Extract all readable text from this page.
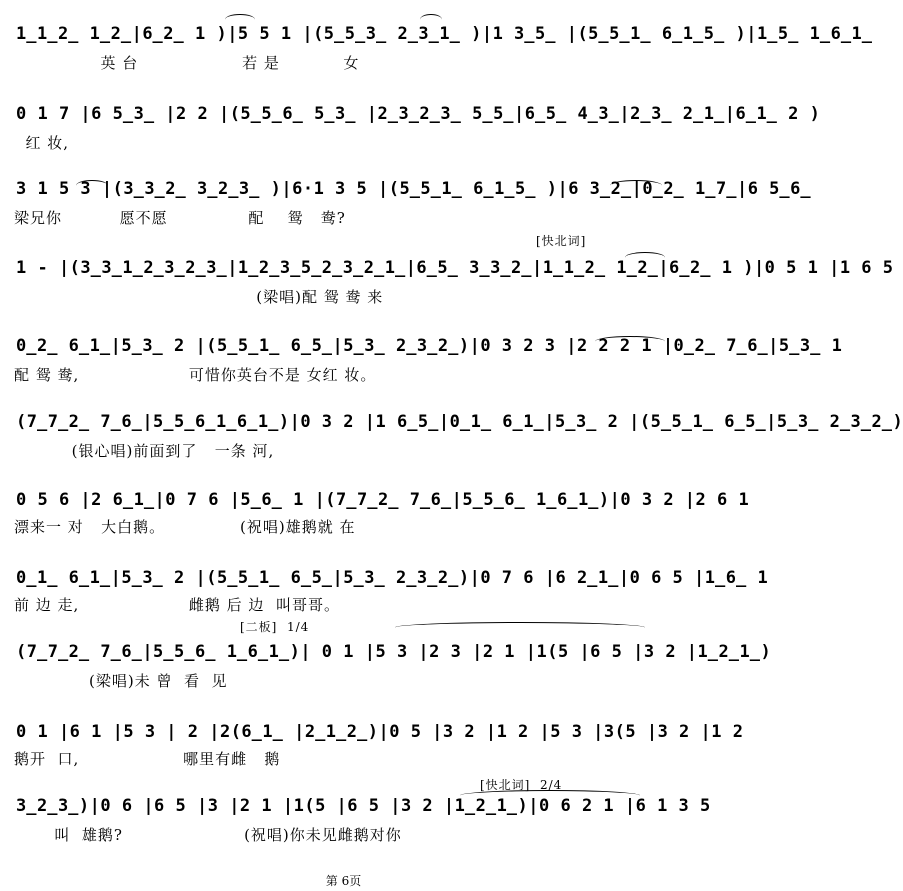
1̲1̲2̲ 1̲2̲|6̲2̲ 1 )|5 5 1 |(5̲5̲3̲ 2̲3̲1̲ )|1 3̲5̲ |(5̲5̲1̲ 6̲1̲5̲ )|1̲5̲ 1̲6̲1̲
英 台                  若 是           女
0 1 7 |6 5̲3̲ |2 2 |(5̲5̲6̲ 5̲3̲ |2̲3̲2̲3̲ 5̲5̲|6̲5̲ 4̲3̲|2̲3̲ 2̲1̲|6̲1̲ 2 )
红 妆,
3 1 5 3 |(3̲3̲2̲ 3̲2̲3̲ )|6·1 3 5 |(5̲5̲1̲ 6̲1̲5̲ )|6 3̲2̲|0̲2̲ 1̲7̲|6 5̲6̲
梁兄你          愿不愿              配    鸳   鸯?
[快北词]
1 - |(3̲3̲1̲2̲3̲2̲3̲|1̲2̲3̲5̲2̲3̲2̲1̲|6̲5̲ 3̲3̲2̲|1̲1̲2̲ 1̲2̲|6̲2̲ 1 )|0 5 1 |1 6 5
(梁唱)配 鸳 鸯 来
0̲2̲ 6̲1̲|5̲3̲ 2 |(5̲5̲1̲ 6̲5̲|5̲3̲ 2̲3̲2̲)|0 3 2 3 |2 2 2 1 |0̲2̲ 7̲6̲|5̲3̲ 1
配 鸳 鸯,                   可惜你英台不是 女红 妆。
(7̲7̲2̲ 7̲6̲|5̲5̲6̲1̲6̲1̲)|0 3 2 |1 6̲5̲|0̲1̲ 6̲1̲|5̲3̲ 2 |(5̲5̲1̲ 6̲5̲|5̲3̲ 2̲3̲2̲)
(银心唱)前面到了   一条 河,
0 5 6 |2 6̲1̲|0 7 6 |5̲6̲ 1 |(7̲7̲2̲ 7̲6̲|5̲5̲6̲ 1̲6̲1̲)|0 3 2 |2 6 1
漂来一 对   大白鹅。             (祝唱)雄鹅就 在
0̲1̲ 6̲1̲|5̲3̲ 2 |(5̲5̲1̲ 6̲5̲|5̲3̲ 2̲3̲2̲)|0 7 6 |6 2̲1̲|0 6 5 |1̲6̲ 1
前 边 走,                   雌鹅 后 边  叫哥哥。
[二板]  1/4
(7̲7̲2̲ 7̲6̲|5̲5̲6̲ 1̲6̲1̲)| 0 1 |5 3 |2 3 |2 1 |1(5 |6 5 |3 2 |1̲2̲1̲)
(梁唱)未 曾  看  见
0 1 |6 1 |5 3 | 2 |2(6̲1̲ |2̲1̲2̲)|0 5 |3 2 |1 2 |5 3 |3(5 |3 2 |1 2
鹅开  口,                  哪里有雌   鹅
[快北词]  2/4
3̲2̲3̲)|0 6 |6 5 |3 |2 1 |1(5 |6 5 |3 2 |1̲2̲1̲)|0 6 2 1 |6 1 3 5
叫  雄鹅?                     (祝唱)你未见雌鹅对你
第 6页
